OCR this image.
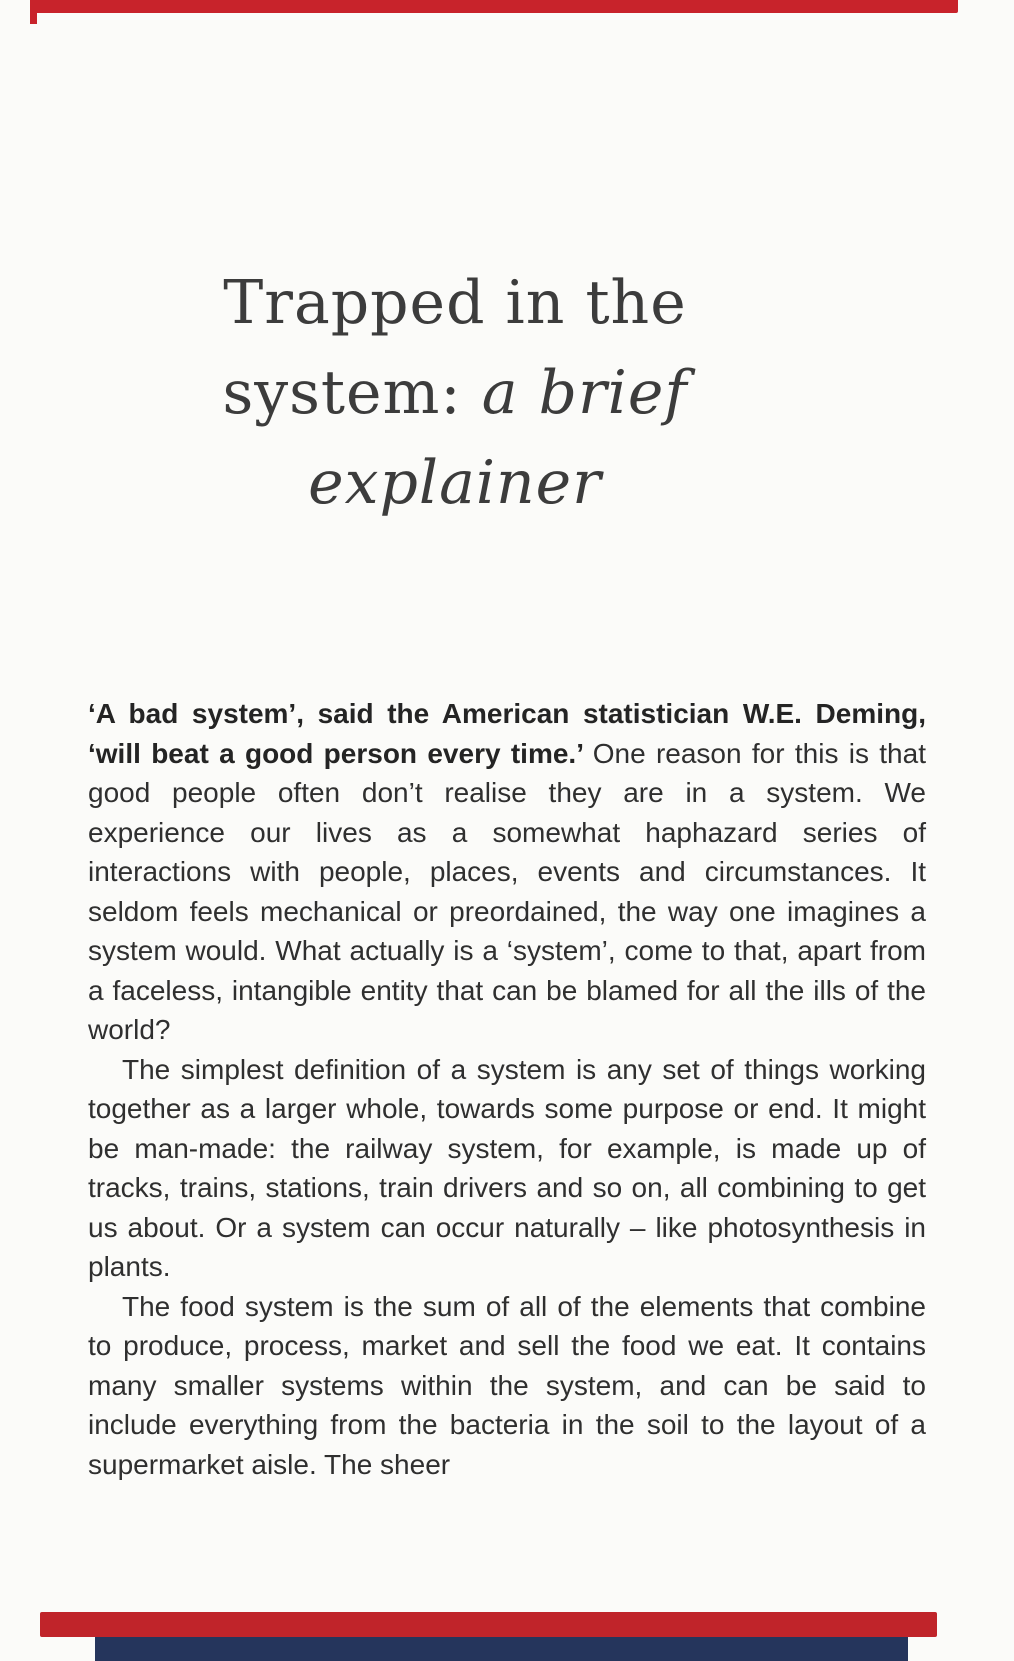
Trapped in the
system: a brief
explainer

‘A bad system’, said the American statistician W.E. Deming, ‘will beat a good person every time.’ One reason for this is that good people often don’t realise they are in a system. We experience our lives as a somewhat haphazard series of interactions with people, places, events and circumstances. It seldom feels mechanical or preordained, the way one imagines a system would. What actually is a ‘system’, come to that, apart from a faceless, intangible entity that can be blamed for all the ills of the world?

The simplest definition of a system is any set of things working together as a larger whole, towards some purpose or end. It might be man-made: the railway system, for example, is made up of tracks, trains, stations, train drivers and so on, all combining to get us about. Or a system can occur naturally – like photosynthesis in plants.

The food system is the sum of all of the elements that combine to produce, process, market and sell the food we eat. It contains many smaller systems within the system, and can be said to include everything from the bacteria in the soil to the layout of a supermarket aisle. The sheer
